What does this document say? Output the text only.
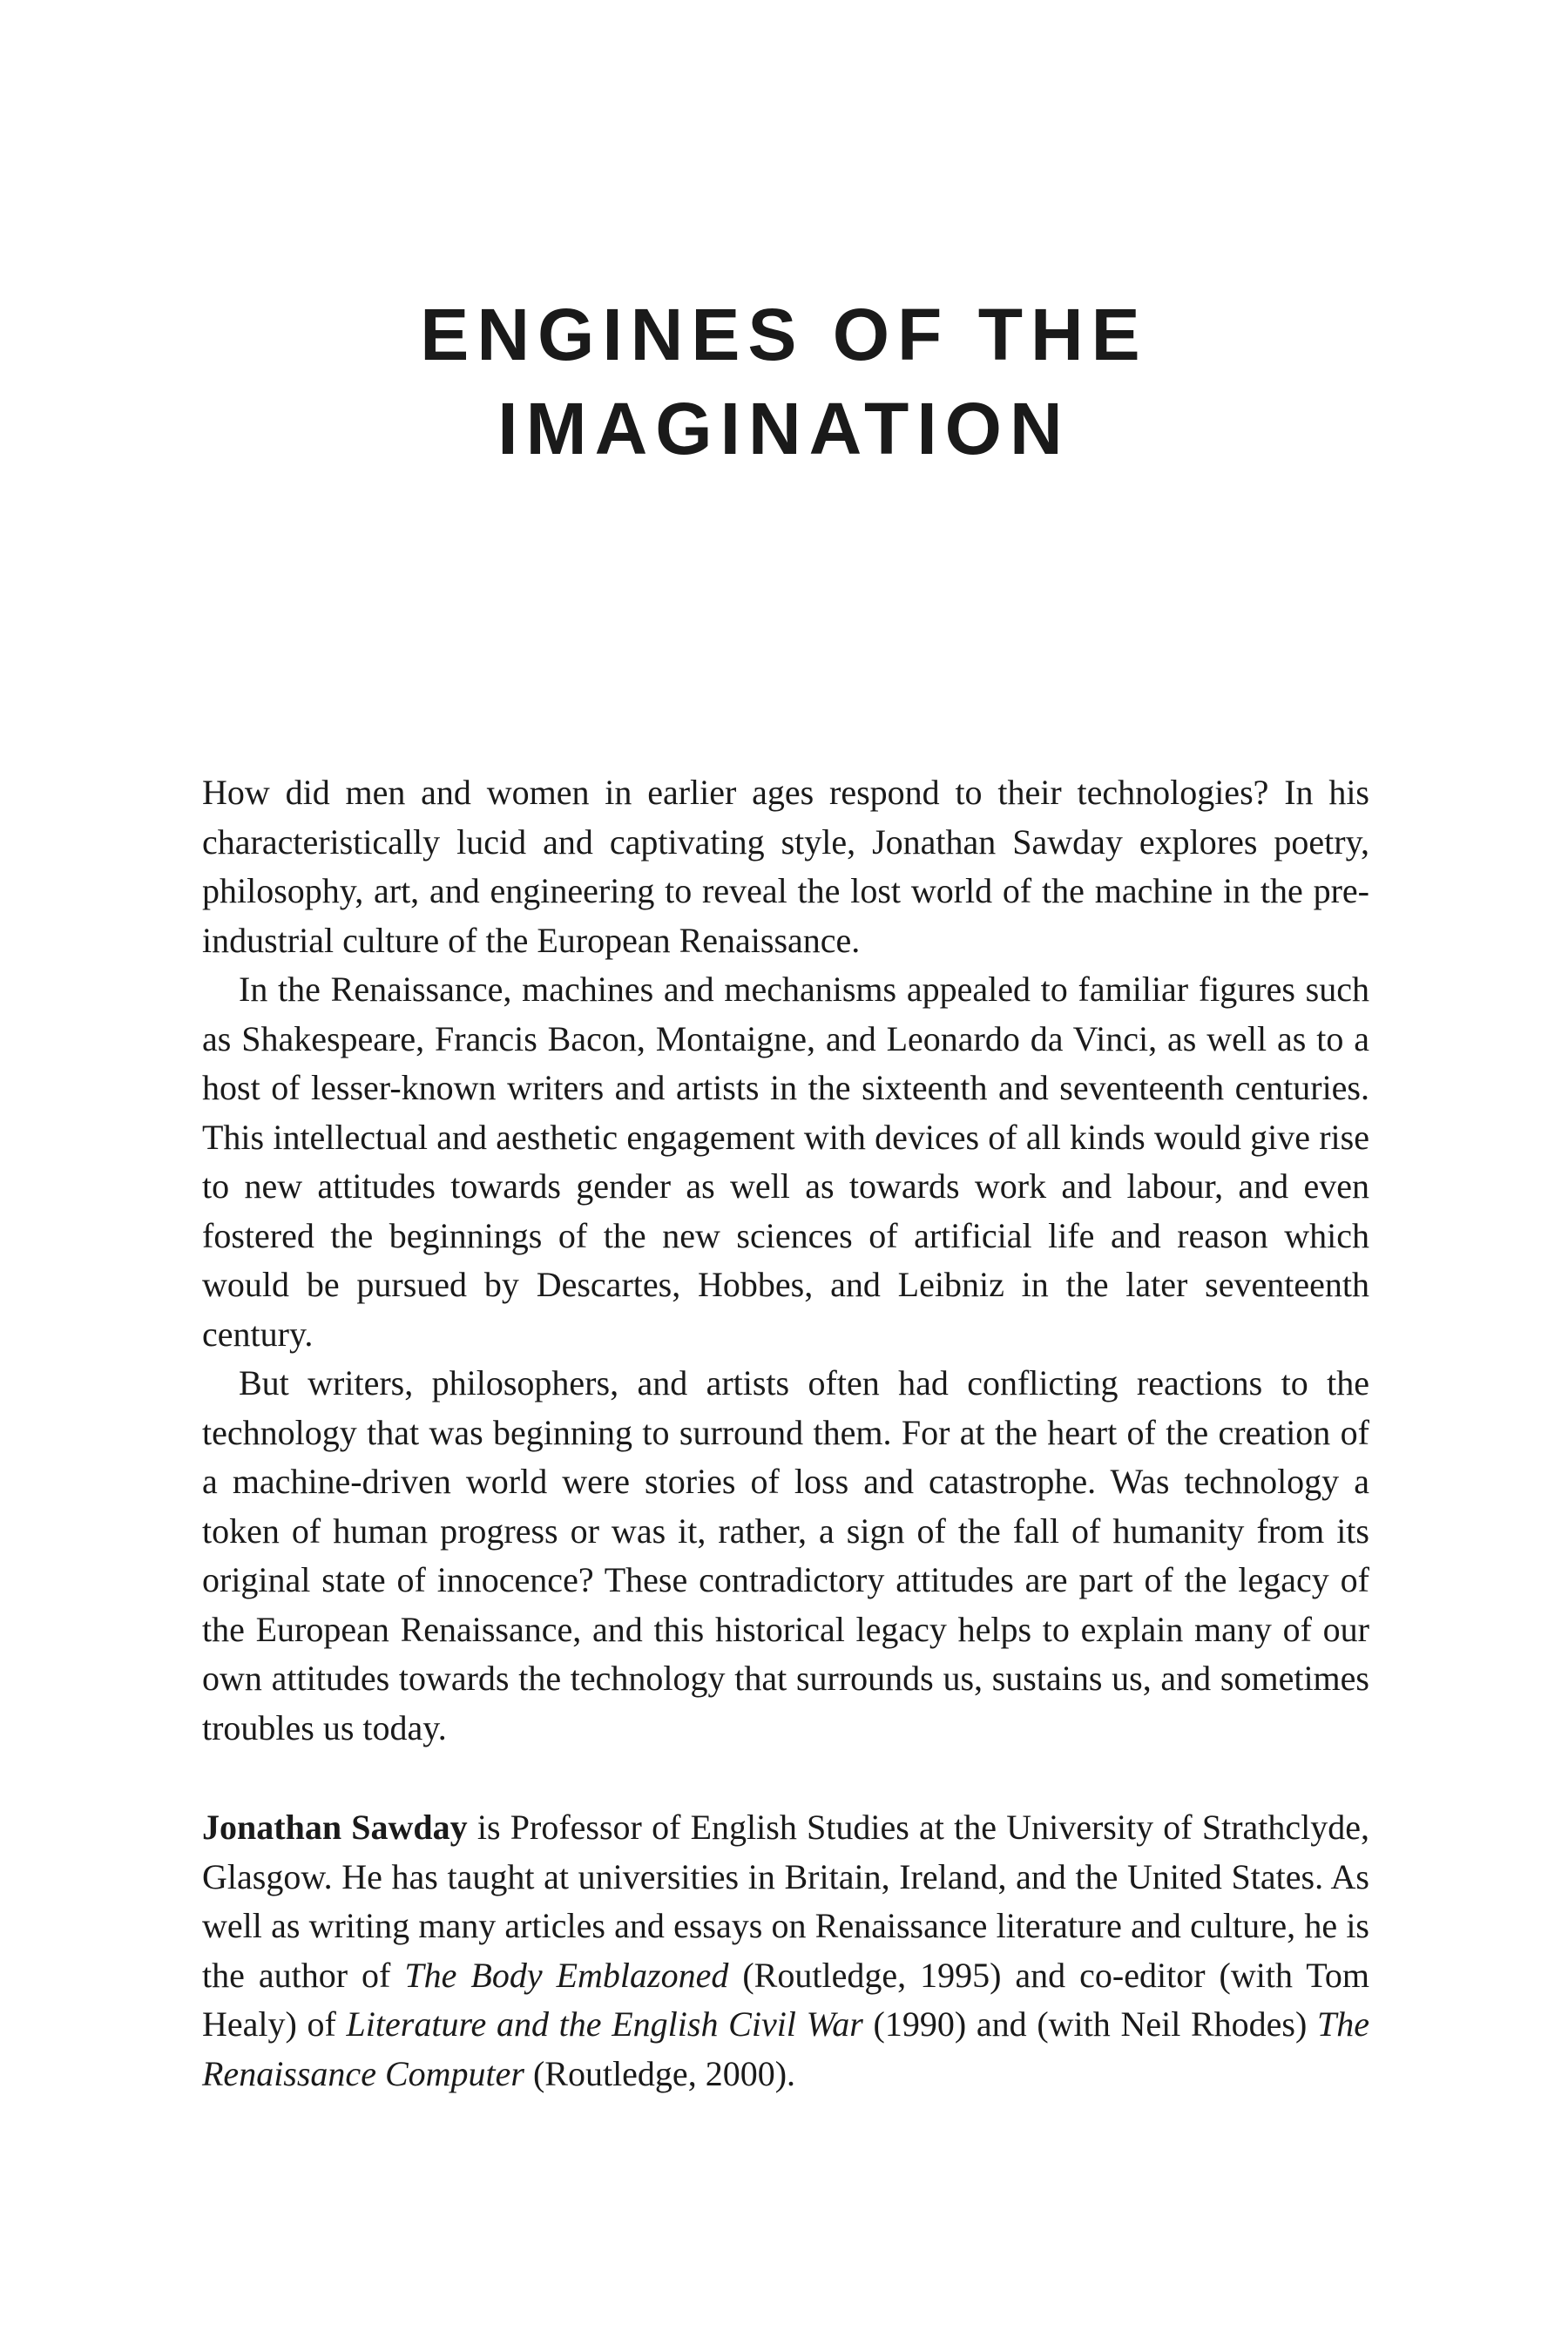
ENGINES OF THE
IMAGINATION

How did men and women in earlier ages respond to their technologies? In his characteristically lucid and captivating style, Jonathan Sawday explores poetry, philosophy, art, and engineering to reveal the lost world of the machine in the pre-industrial culture of the European Renaissance.

In the Renaissance, machines and mechanisms appealed to familiar figures such as Shakespeare, Francis Bacon, Montaigne, and Leonardo da Vinci, as well as to a host of lesser-known writers and artists in the sixteenth and seventeenth centuries. This intellectual and aesthetic engagement with devices of all kinds would give rise to new attitudes towards gender as well as towards work and labour, and even fostered the beginnings of the new sciences of artificial life and reason which would be pursued by Descartes, Hobbes, and Leibniz in the later seventeenth century.

But writers, philosophers, and artists often had conflicting reactions to the technology that was beginning to surround them. For at the heart of the creation of a machine-driven world were stories of loss and catastrophe. Was technology a token of human progress or was it, rather, a sign of the fall of humanity from its original state of innocence? These contradictory attitudes are part of the legacy of the European Renaissance, and this historical legacy helps to explain many of our own attitudes towards the technology that surrounds us, sustains us, and sometimes troubles us today.

Jonathan Sawday is Professor of English Studies at the University of Strathclyde, Glasgow. He has taught at universities in Britain, Ireland, and the United States. As well as writing many articles and essays on Renaissance literature and culture, he is the author of The Body Emblazoned (Routledge, 1995) and co-editor (with Tom Healy) of Literature and the English Civil War (1990) and (with Neil Rhodes) The Renaissance Computer (Routledge, 2000).
